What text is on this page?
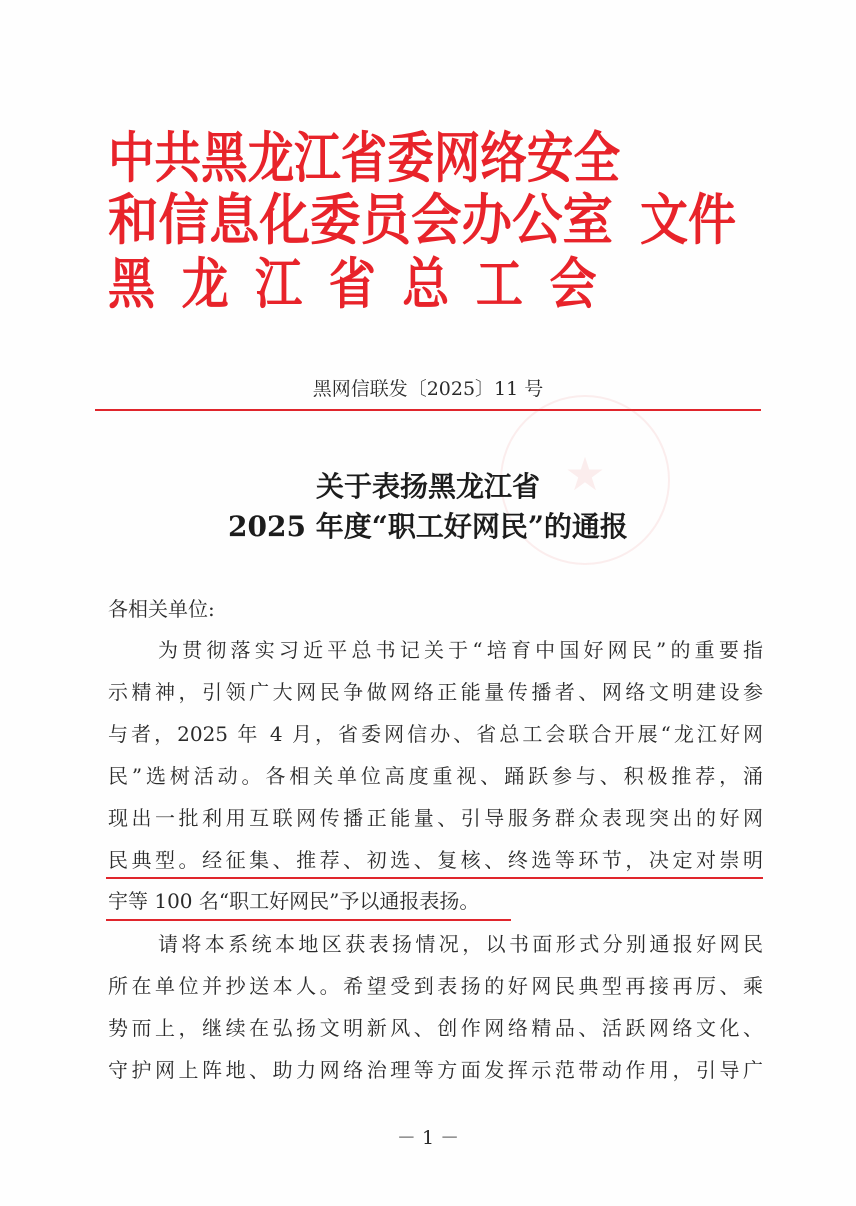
中共黑龙江省委网络安全
和信息化委员会办公室 文件
黑龙江省总工会
黑网信联发〔2025〕11 号
★
关于表扬黑龙江省
2025 年度“职工好网民”的通报
各相关单位:
为贯彻落实习近平总书记关于“培育中国好网民”的重要指
示精神，引领广大网民争做网络正能量传播者、网络文明建设参
与者，2025 年 4 月，省委网信办、省总工会联合开展“龙江好网
民”选树活动。各相关单位高度重视、踊跃参与、积极推荐，涌
现出一批利用互联网传播正能量、引导服务群众表现突出的好网
民典型。经征集、推荐、初选、复核、终选等环节，决定对崇明
宇等 100 名“职工好网民”予以通报表扬。
请将本系统本地区获表扬情况，以书面形式分别通报好网民
所在单位并抄送本人。希望受到表扬的好网民典型再接再厉、乘
势而上，继续在弘扬文明新风、创作网络精品、活跃网络文化、
守护网上阵地、助力网络治理等方面发挥示范带动作用，引导广
－ 1 －
